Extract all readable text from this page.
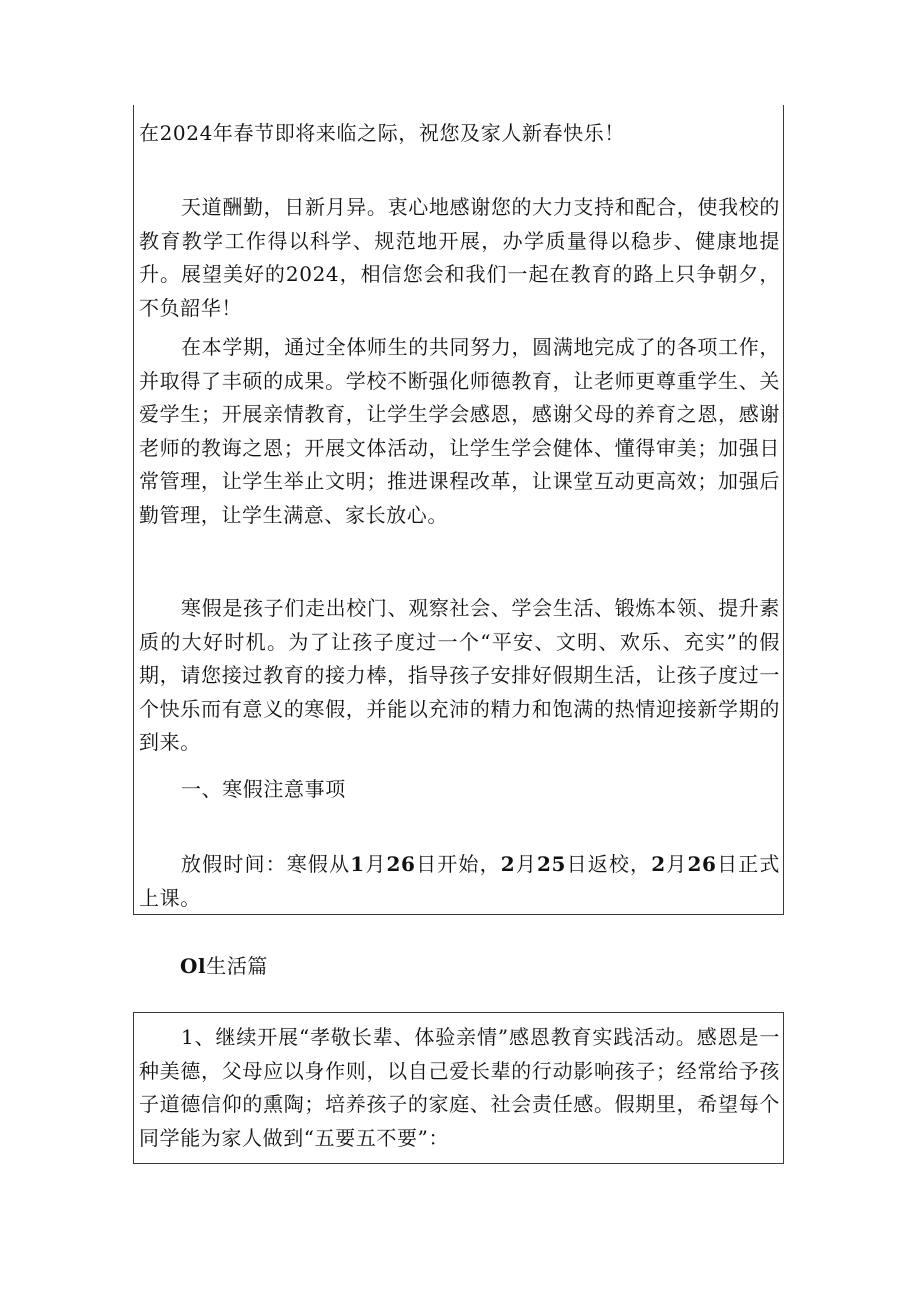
在2024年春节即将来临之际，祝您及家人新春快乐！

天道酬勤，日新月异。衷心地感谢您的大力支持和配合，使我校的教育教学工作得以科学、规范地开展，办学质量得以稳步、健康地提升。展望美好的2024，相信您会和我们一起在教育的路上只争朝夕，不负韶华！

在本学期，通过全体师生的共同努力，圆满地完成了的各项工作，并取得了丰硕的成果。学校不断强化师德教育，让老师更尊重学生、关爱学生；开展亲情教育，让学生学会感恩，感谢父母的养育之恩，感谢老师的教诲之恩；开展文体活动，让学生学会健体、懂得审美；加强日常管理，让学生举止文明；推进课程改革，让课堂互动更高效；加强后勤管理，让学生满意、家长放心。

寒假是孩子们走出校门、观察社会、学会生活、锻炼本领、提升素质的大好时机。为了让孩子度过一个“平安、文明、欢乐、充实”的假期，请您接过教育的接力棒，指导孩子安排好假期生活，让孩子度过一个快乐而有意义的寒假，并能以充沛的精力和饱满的热情迎接新学期的到来。

一、寒假注意事项

放假时间：寒假从1月26日开始，2月25日返校，2月26日正式上课。

Ol生活篇

1、继续开展“孝敬长辈、体验亲情”感恩教育实践活动。感恩是一种美德，父母应以身作则，以自己爱长辈的行动影响孩子；经常给予孩子道德信仰的熏陶；培养孩子的家庭、社会责任感。假期里，希望每个同学能为家人做到“五要五不要”：
